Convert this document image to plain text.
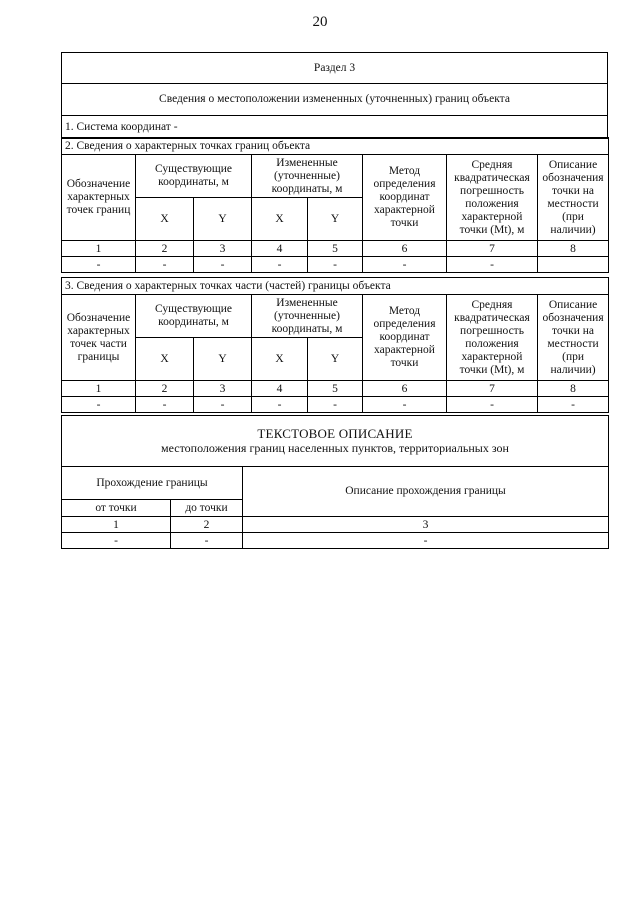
20
Раздел 3
Сведения о местоположении измененных (уточненных) границ объекта
1. Система координат -
2. Сведения о характерных точках границ объекта							
Обозначение характерных точек границ	Существующие координаты, м		Измененные (уточненные) координаты, м		Метод определения координат характерной точки	Средняя квадратическая погрешность положения характерной точки (Mt), м	Описание обозначения точки на местности (при наличии)
	X	Y	X	Y			
1	2	3	4	5	6	7	8
-	-	-	-	-	-	-	
3. Сведения о характерных точках части (частей) границы объекта							
Обозначение характерных точек части границы	Существующие координаты, м		Измененные (уточненные) координаты, м		Метод определения координат характерной точки	Средняя квадратическая погрешность положения характерной точки (Mt), м	Описание обозначения точки на местности (при наличии)
	X	Y	X	Y			
1	2	3	4	5	6	7	8
-	-	-	-	-	-	-	-
ТЕКСТОВОЕ ОПИСАНИЕ
местоположения границ населенных пунктов, территориальных зон		

Прохождение границы		Описание прохождения границы
от точки	до точки	
1	2	3
-	-	-
